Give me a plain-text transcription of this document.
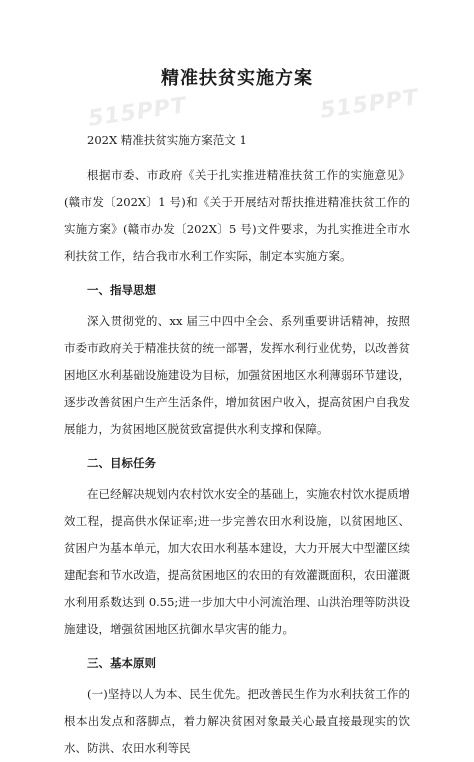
515PPT	515PPT
精准扶贫实施方案

202X 精准扶贫实施方案范文 1

根据市委、市政府《关于扎实推进精准扶贫工作的实施意见》(赣市发〔202X〕1 号)和《关于开展结对帮扶推进精准扶贫工作的实施方案》(赣市办发〔202X〕5 号)文件要求，为扎实推进全市水利扶贫工作，结合我市水利工作实际，制定本实施方案。

一、指导思想

深入贯彻党的、xx 届三中四中全会、系列重要讲话精神，按照市委市政府关于精准扶贫的统一部署，发挥水利行业优势，以改善贫困地区水利基础设施建设为目标，加强贫困地区水利薄弱环节建设，逐步改善贫困户生产生活条件，增加贫困户收入，提高贫困户自我发展能力，为贫困地区脱贫致富提供水利支撑和保障。

二、目标任务

在已经解决规划内农村饮水安全的基础上，实施农村饮水提质增效工程，提高供水保证率;进一步完善农田水利设施，以贫困地区、贫困户为基本单元，加大农田水利基本建设，大力开展大中型灌区续建配套和节水改造，提高贫困地区的农田的有效灌溉面积，农田灌溉水利用系数达到 0.55;进一步加大中小河流治理、山洪治理等防洪设施建设，增强贫困地区抗御水旱灾害的能力。

三、基本原则

(一)坚持以人为本、民生优先。把改善民生作为水利扶贫工作的根本出发点和落脚点，着力解决贫困对象最关心最直接最现实的饮水、防洪、农田水利等民
